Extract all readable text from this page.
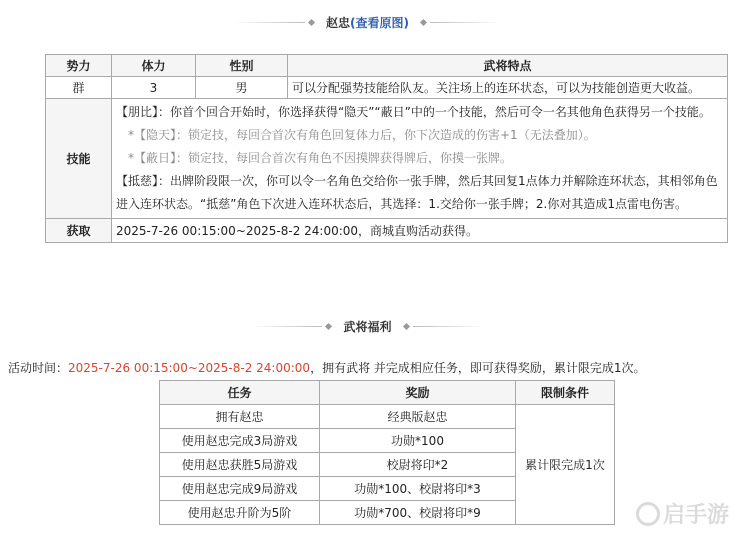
赵忠(查看原图)
势力	体力	性别	武将特点
群	3	男	可以分配强势技能给队友。关注场上的连环状态，可以为技能创造更大收益。
技能	【朋比】：你首个回合开始时，你选择获得“隐天”“蔽日”中的一个技能，然后可令一名其他角色获得另一个技能。
*【隐天】：锁定技，每回合首次有角色回复体力后，你下次造成的伤害+1（无法叠加）。
*【蔽日】：锁定技，每回合首次有角色不因摸牌获得牌后，你摸一张牌。
【抵慈】：出牌阶段限一次，你可以令一名角色交给你一张手牌，然后其回复1点体力并解除连环状态，其相邻角色进入连环状态。“抵慈”角色下次进入连环状态后，其选择：1.交给你一张手牌；2.你对其造成1点雷电伤害。		

获取	2025-7-26 00:15:00~2025-8-2 24:00:00，商城直购活动获得。		
武将福利
活动时间：2025-7-26 00:15:00~2025-8-2 24:00:00，拥有武将 并完成相应任务，即可获得奖励，累计限完成1次。
任务	奖励	限制条件
拥有赵忠	经典版赵忠	累计限完成1次
使用赵忠完成3局游戏	功勋*100	
使用赵忠获胜5局游戏	校尉将印*2	
使用赵忠完成9局游戏	功勋*100、校尉将印*3	
使用赵忠升阶为5阶	功勋*700、校尉将印*9		启手游
